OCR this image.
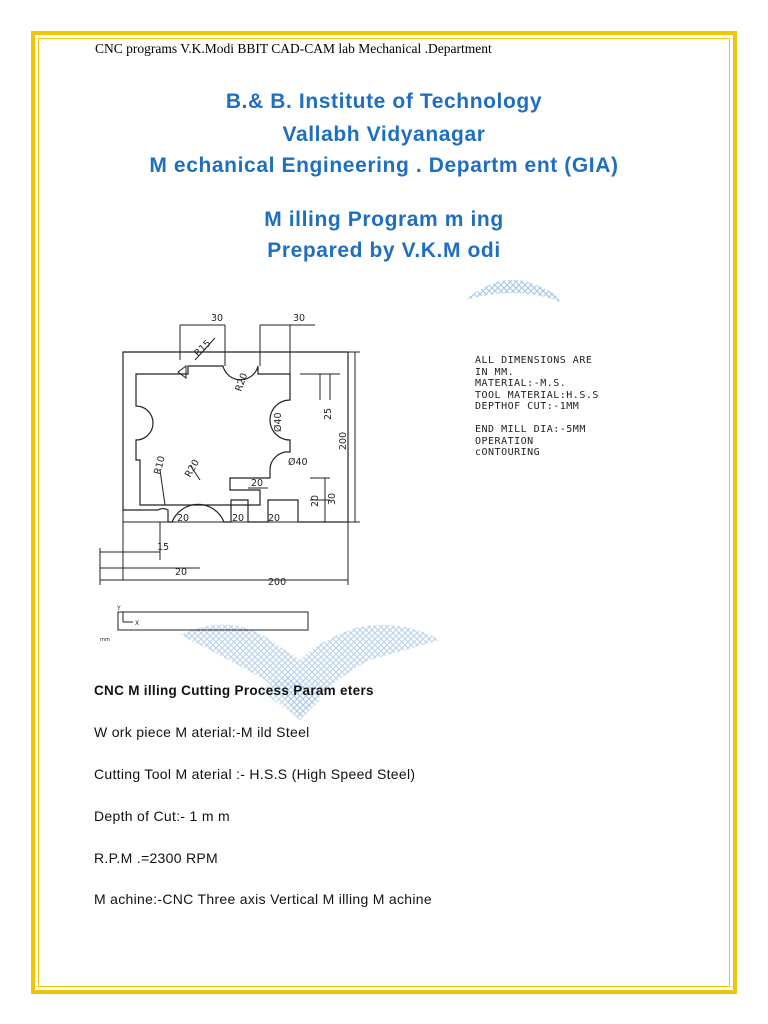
CNC programs V.K.Modi BBIT CAD-CAM lab Mechanical .Department
B.& B. Institute of Technology
Vallabh Vidyanagar
M echanical Engineering . Departm ent (GIA)
M illing Program m ing
Prepared by V.K.M odi
30	30
R15
R20
Ø40
Ø40
25
200
R10 R20
20
30
20
20	20	20
15
20
200
Y
X
mm
ALL DIMENSIONS ARE
IN MM.
MATERIAL:-M.S.
TOOL MATERIAL:H.S.S
DEPTHOF CUT:-1MM
END MILL DIA:-5MM
OPERATION
cONTOURING
CNC M illing Cutting Process Param eters
W ork piece M aterial:-M ild Steel
Cutting Tool M aterial :- H.S.S (High Speed Steel)
Depth of Cut:- 1 m m
R.P.M .=2300 RPM
M achine:-CNC Three axis Vertical M illing M achine
